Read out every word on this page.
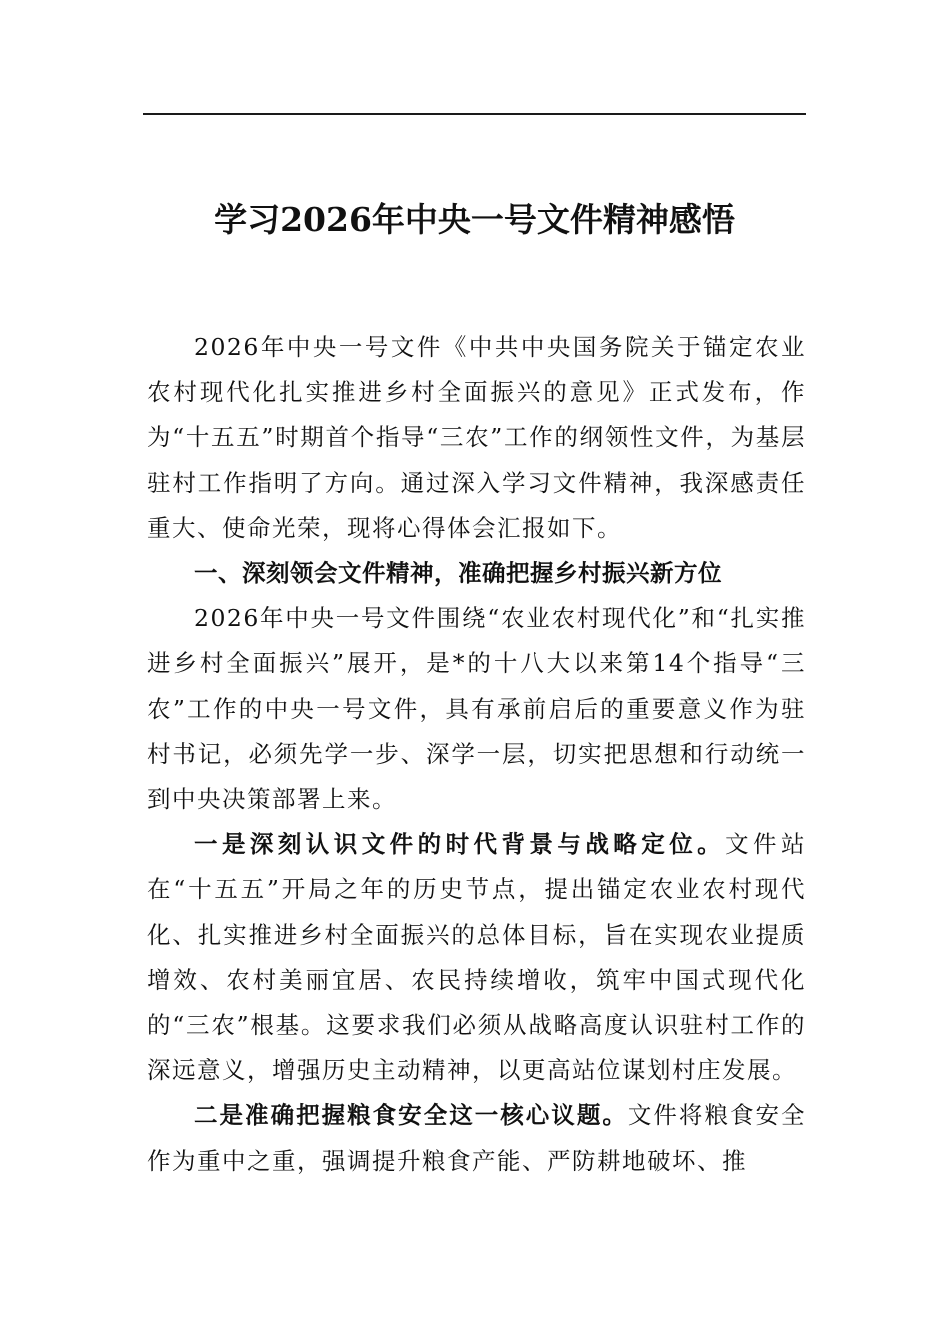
学习2026年中央一号文件精神感悟

2026年中央一号文件《中共中央国务院关于锚定农业农村现代化扎实推进乡村全面振兴的意见》正式发布，作为“十五五”时期首个指导“三农”工作的纲领性文件，为基层驻村工作指明了方向。通过深入学习文件精神，我深感责任重大、使命光荣，现将心得体会汇报如下。

一、深刻领会文件精神，准确把握乡村振兴新方位

2026年中央一号文件围绕“农业农村现代化”和“扎实推进乡村全面振兴”展开，是*的十八大以来第14个指导“三农”工作的中央一号文件，具有承前启后的重要意义作为驻村书记，必须先学一步、深学一层，切实把思想和行动统一到中央决策部署上来。

一是深刻认识文件的时代背景与战略定位。文件站在“十五五”开局之年的历史节点，提出锚定农业农村现代化、扎实推进乡村全面振兴的总体目标，旨在实现农业提质增效、农村美丽宜居、农民持续增收，筑牢中国式现代化的“三农”根基。这要求我们必须从战略高度认识驻村工作的深远意义，增强历史主动精神，以更高站位谋划村庄发展。

二是准确把握粮食安全这一核心议题。文件将粮食安全作为重中之重，强调提升粮食产能、严防耕地破坏、推
